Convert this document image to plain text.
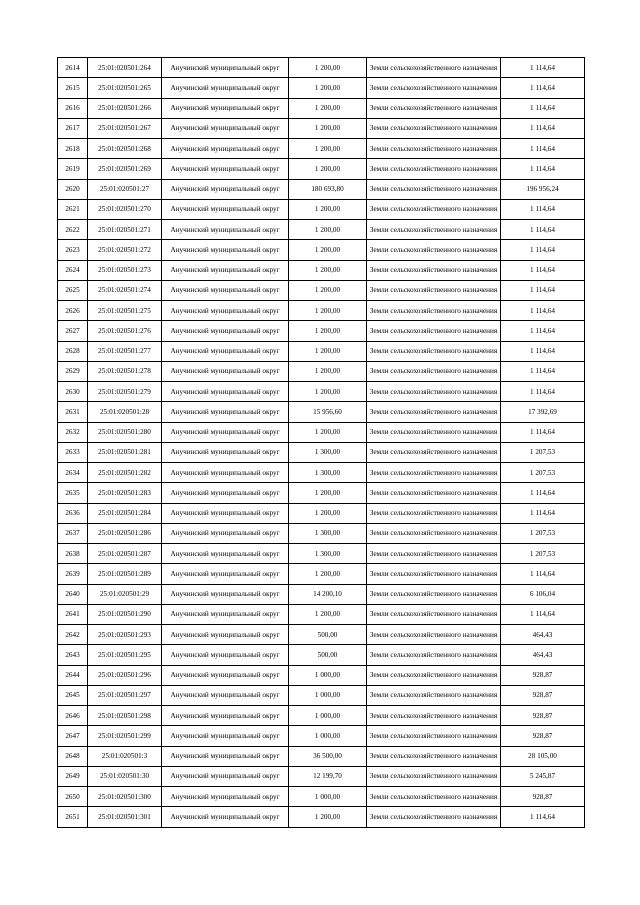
2614	25:01:020501:264	Анучинский муниципальный округ	1 200,00	Земли сельскохозяйственного назначения	1 114,64
2615	25:01:020501:265	Анучинский муниципальный округ	1 200,00	Земли сельскохозяйственного назначения	1 114,64
2616	25:01:020501:266	Анучинский муниципальный округ	1 200,00	Земли сельскохозяйственного назначения	1 114,64
2617	25:01:020501:267	Анучинский муниципальный округ	1 200,00	Земли сельскохозяйственного назначения	1 114,64
2618	25:01:020501:268	Анучинский муниципальный округ	1 200,00	Земли сельскохозяйственного назначения	1 114,64
2619	25:01:020501:269	Анучинский муниципальный округ	1 200,00	Земли сельскохозяйственного назначения	1 114,64
2620	25:01:020501:27	Анучинский муниципальный округ	180 693,80	Земли сельскохозяйственного назначения	196 956,24
2621	25:01:020501:270	Анучинский муниципальный округ	1 200,00	Земли сельскохозяйственного назначения	1 114,64
2622	25:01:020501:271	Анучинский муниципальный округ	1 200,00	Земли сельскохозяйственного назначения	1 114,64
2623	25:01:020501:272	Анучинский муниципальный округ	1 200,00	Земли сельскохозяйственного назначения	1 114,64
2624	25:01:020501:273	Анучинский муниципальный округ	1 200,00	Земли сельскохозяйственного назначения	1 114,64
2625	25:01:020501:274	Анучинский муниципальный округ	1 200,00	Земли сельскохозяйственного назначения	1 114,64
2626	25:01:020501:275	Анучинский муниципальный округ	1 200,00	Земли сельскохозяйственного назначения	1 114,64
2627	25:01:020501:276	Анучинский муниципальный округ	1 200,00	Земли сельскохозяйственного назначения	1 114,64
2628	25:01:020501:277	Анучинский муниципальный округ	1 200,00	Земли сельскохозяйственного назначения	1 114,64
2629	25:01:020501:278	Анучинский муниципальный округ	1 200,00	Земли сельскохозяйственного назначения	1 114,64
2630	25:01:020501:279	Анучинский муниципальный округ	1 200,00	Земли сельскохозяйственного назначения	1 114,64
2631	25:01:020501:28	Анучинский муниципальный округ	15 956,60	Земли сельскохозяйственного назначения	17 392,69
2632	25:01:020501:280	Анучинский муниципальный округ	1 200,00	Земли сельскохозяйственного назначения	1 114,64
2633	25:01:020501:281	Анучинский муниципальный округ	1 300,00	Земли сельскохозяйственного назначения	1 207,53
2634	25:01:020501:282	Анучинский муниципальный округ	1 300,00	Земли сельскохозяйственного назначения	1 207,53
2635	25:01:020501:283	Анучинский муниципальный округ	1 200,00	Земли сельскохозяйственного назначения	1 114,64
2636	25:01:020501:284	Анучинский муниципальный округ	1 200,00	Земли сельскохозяйственного назначения	1 114,64
2637	25:01:020501:286	Анучинский муниципальный округ	1 300,00	Земли сельскохозяйственного назначения	1 207,53
2638	25:01:020501:287	Анучинский муниципальный округ	1 300,00	Земли сельскохозяйственного назначения	1 207,53
2639	25:01:020501:289	Анучинский муниципальный округ	1 200,00	Земли сельскохозяйственного назначения	1 114,64
2640	25:01:020501:29	Анучинский муниципальный округ	14 200,10	Земли сельскохозяйственного назначения	6 106,04
2641	25:01:020501:290	Анучинский муниципальный округ	1 200,00	Земли сельскохозяйственного назначения	1 114,64
2642	25:01:020501:293	Анучинский муниципальный округ	500,00	Земли сельскохозяйственного назначения	464,43
2643	25:01:020501:295	Анучинский муниципальный округ	500,00	Земли сельскохозяйственного назначения	464,43
2644	25:01:020501:296	Анучинский муниципальный округ	1 000,00	Земли сельскохозяйственного назначения	928,87
2645	25:01:020501:297	Анучинский муниципальный округ	1 000,00	Земли сельскохозяйственного назначения	928,87
2646	25:01:020501:298	Анучинский муниципальный округ	1 000,00	Земли сельскохозяйственного назначения	928,87
2647	25:01:020501:299	Анучинский муниципальный округ	1 000,00	Земли сельскохозяйственного назначения	928,87
2648	25:01:020501:3	Анучинский муниципальный округ	36 500,00	Земли сельскохозяйственного назначения	28 105,00
2649	25:01:020501:30	Анучинский муниципальный округ	12 199,70	Земли сельскохозяйственного назначения	5 245,87
2650	25:01:020501:300	Анучинский муниципальный округ	1 000,00	Земли сельскохозяйственного назначения	928,87
2651	25:01:020501:301	Анучинский муниципальный округ	1 200,00	Земли сельскохозяйственного назначения	1 114,64
